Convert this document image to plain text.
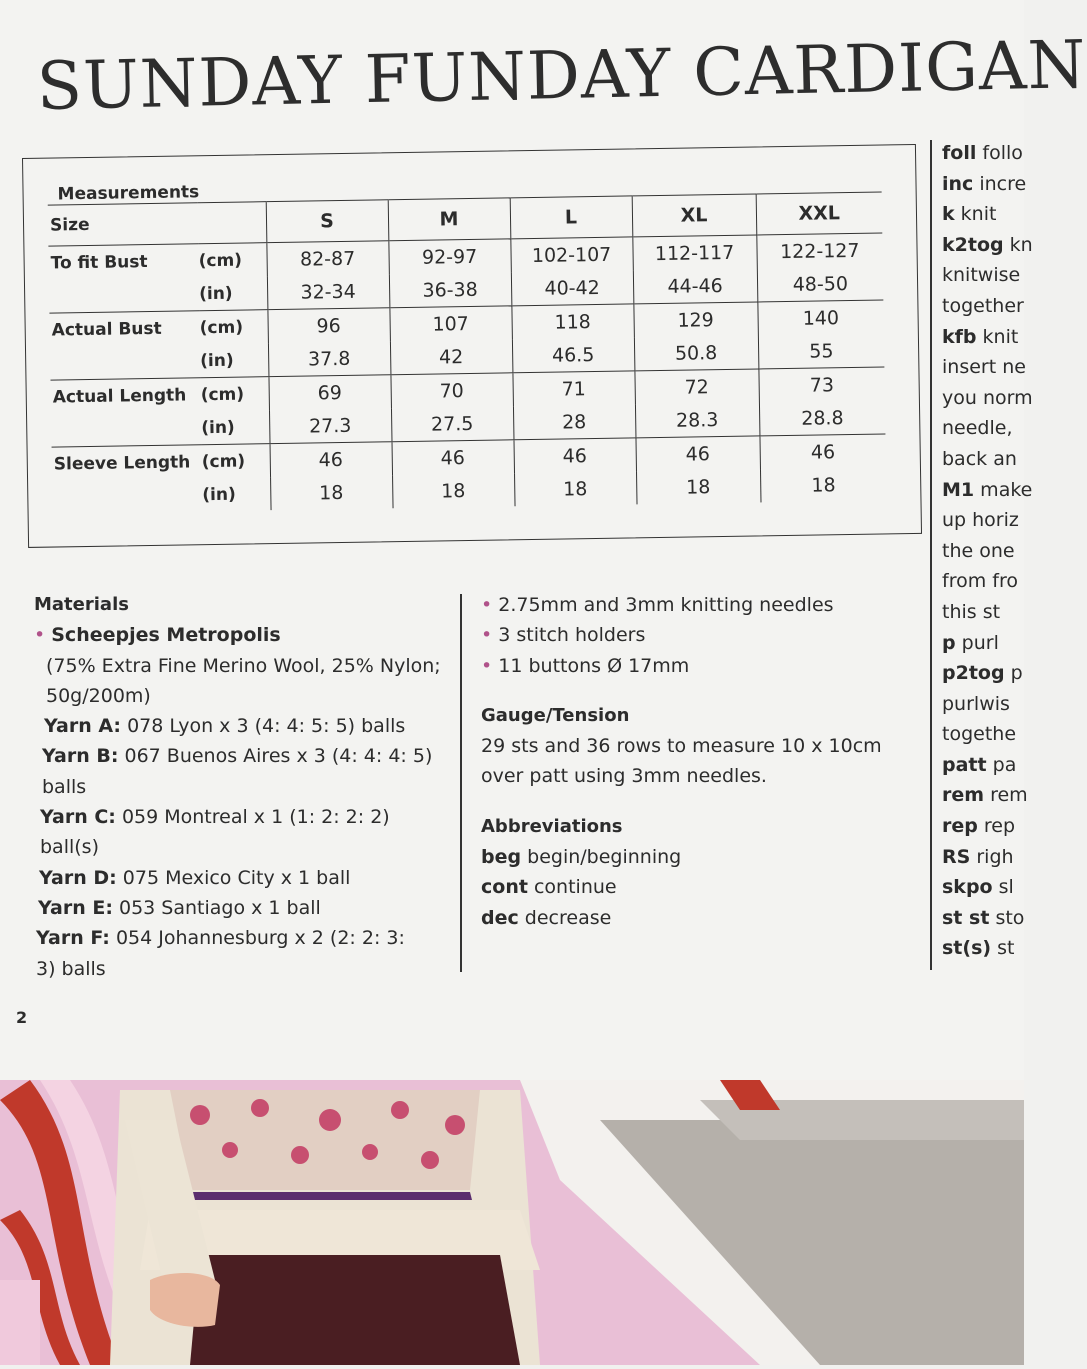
SUNDAY FUNDAY CARDIGAN
Measurements
Size		S	M	L	XL	XXL
To fit Bust	(cm)	82-87	92-97	102-107	112-117	122-127
	(in)	32-34	36-38	40-42	44-46	48-50
Actual Bust	(cm)	96	107	118	129	140
	(in)	37.8	42	46.5	50.8	55
Actual Length	(cm)	69	70	71	72	73
	(in)	27.3	27.5	28	28.3	28.8
Sleeve Length	(cm)	46	46	46	46	46
	(in)	18	18	18	18	18
Materials
• Scheepjes Metropolis
(75% Extra Fine Merino Wool, 25% Nylon; 50g/200m)
Yarn A: 078 Lyon x 3 (4: 4: 5: 5) balls
Yarn B: 067 Buenos Aires x 3 (4: 4: 4: 5) balls
Yarn C: 059 Montreal x 1 (1: 2: 2: 2) ball(s)
Yarn D: 075 Mexico City x 1 ball
Yarn E: 053 Santiago x 1 ball
Yarn F: 054 Johannesburg x 2 (2: 2: 3: 3) balls
• 2.75mm and 3mm knitting needles
• 3 stitch holders
• 11 buttons Ø 17mm
Gauge/Tension
29 sts and 36 rows to measure 10 x 10cm over patt using 3mm needles.
Abbreviations
beg begin/beginning
cont continue
dec decrease
foll follo
inc incre
k knit
k2tog kn
knitwise
together
kfb knit
insert ne
you norm
needle,
back an
M1 make
up horiz
the one
from fro
this st
p purl
p2tog p
purlwis
togethe
patt pa
rem rem
rep rep
RS righ
skpo sl
st st sto
st(s) st
2
